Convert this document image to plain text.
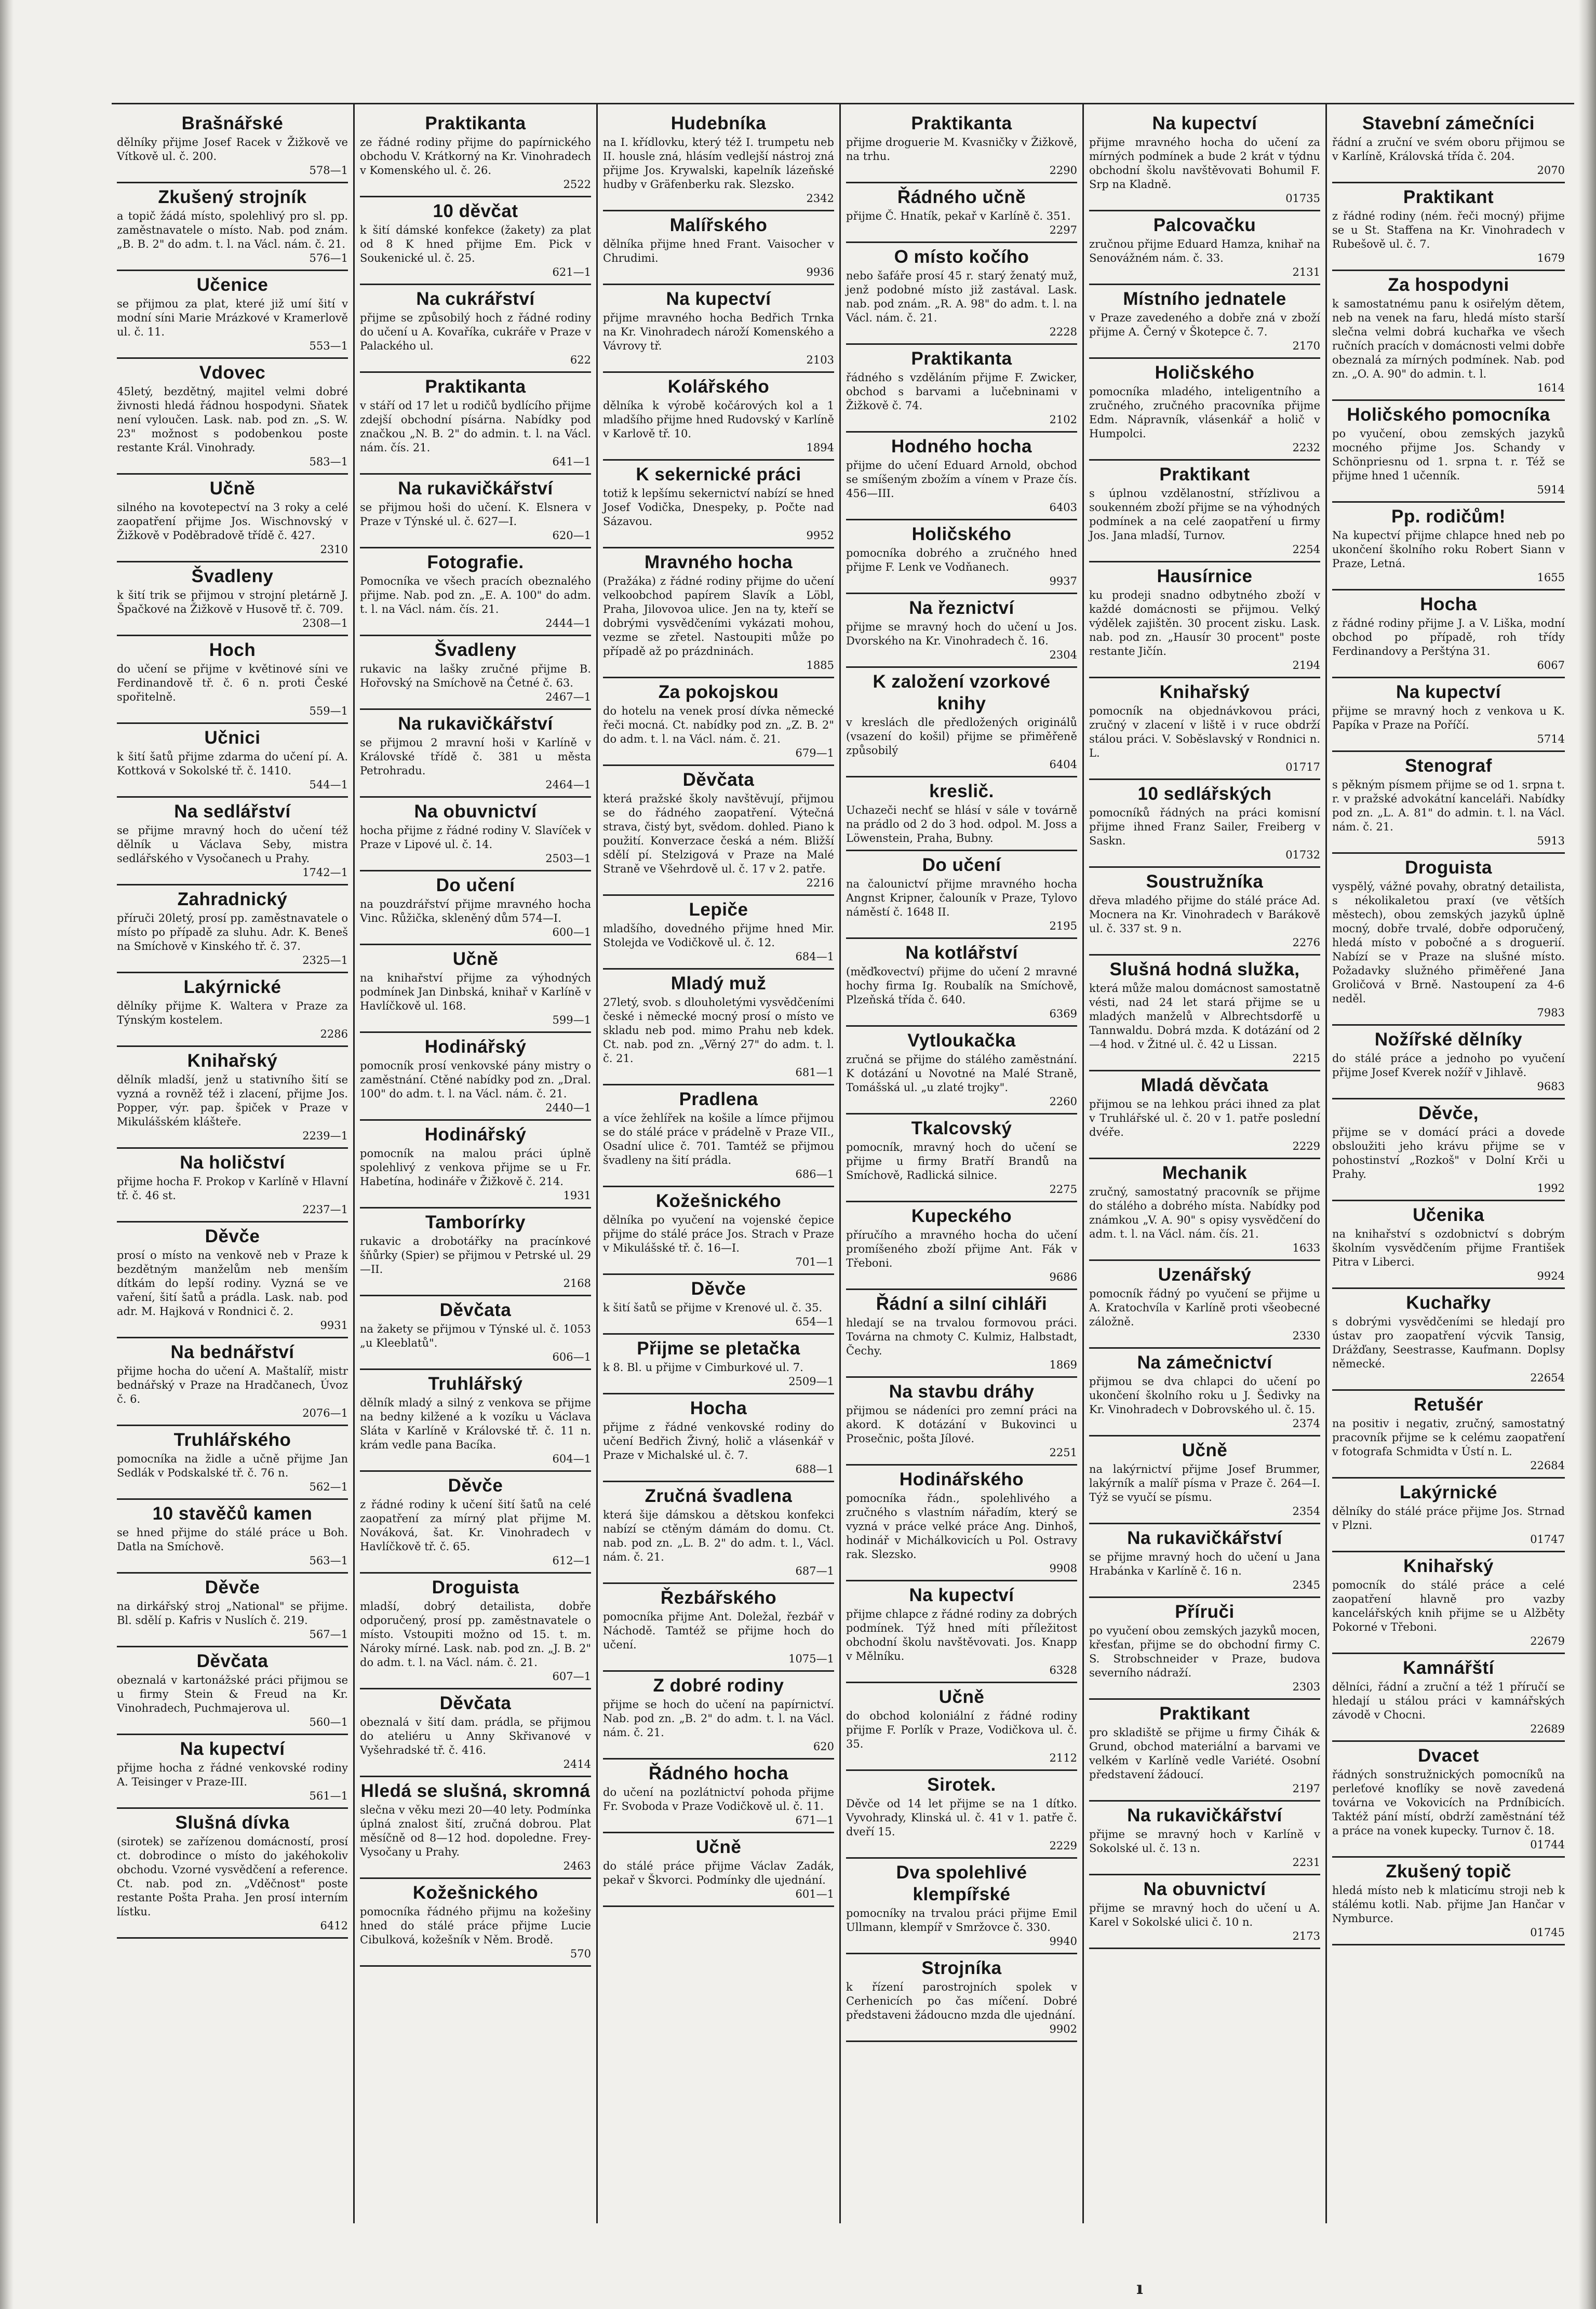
Brašnářské
dělníky přijme Josef Racek v Žižkově ve Vítkově ul. č. 200.
578—1
Zkušený strojník
a topič žádá místo, spolehlivý pro sl. pp. zaměstnavatele o místo. Nab. pod znám. „B. B. 2" do adm. t. l. na Václ. nám. č. 21.
576—1
Učenice
se přijmou za plat, které již umí šití v modní síni Marie Mrázkové v Kramerlově ul. č. 11.
553—1
Vdovec
45letý, bezdětný, majitel velmi dobré živnosti hledá řádnou hospodyni. Sňatek není vyloučen. Lask. nab. pod zn. „S. W. 23" možnost s podobenkou poste restante Král. Vinohrady.
583—1
Učně
silného na kovotepectví na 3 roky a celé zaopatření přijme Jos. Wischnovský v Žižkově v Poděbradově třídě č. 427.
2310
Švadleny
k šití trik se přijmou v strojní pletárně J. Špačkové na Žižkově v Husově tř. č. 709.
2308—1
Hoch
do učení se přijme v květinové síni ve Ferdinandově tř. č. 6 n. proti České spořitelně.
559—1
Učnici
k šití šatů přijme zdarma do učení pí. A. Kottková v Sokolské tř. č. 1410.
544—1
Na sedlářství
se přijme mravný hoch do učení též dělník u Václava Seby, mistra sedlářského v Vysočanech u Prahy.
1742—1
Zahradnický
příruči 20letý, prosí pp. zaměstnavatele o místo po případě za sluhu. Adr. K. Beneš na Smíchově v Kinského tř. č. 37.
2325—1
Lakýrnické
dělníky přijme K. Waltera v Praze za Týnským kostelem.
2286
Knihařský
dělník mladší, jenž u stativního šití se vyzná a rovněž též i zlacení, přijme Jos. Popper, výr. pap. špiček v Praze v Mikulášském klášteře.
2239—1
Na holičství
přijme hocha F. Prokop v Karlíně v Hlavní tř. č. 46 st.
2237—1
Děvče
prosí o místo na venkově neb v Praze k bezdětným manželům neb menším dítkám do lepší rodiny. Vyzná se ve vaření, šití šatů a prádla. Lask. nab. pod adr. M. Hajková v Rondnici č. 2.
9931
Na bednářství
přijme hocha do učení A. Maštalíř, mistr bednářský v Praze na Hradčanech, Úvoz č. 6.
2076—1
Truhlářského
pomocníka na židle a učně přijme Jan Sedlák v Podskalské tř. č. 76 n.
562—1
10 stavěčů kamen
se hned přijme do stálé práce u Boh. Datla na Smíchově.
563—1
Děvče
na dirkářský stroj „National" se přijme. Bl. sdělí p. Kafris v Nuslích č. 219.
567—1
Děvčata
obeznalá v kartonážské práci přijmou se u firmy Stein & Freud na Kr. Vinohradech, Puchmajerova ul.
560—1
Na kupectví
přijme hocha z řádné venkovské rodiny A. Teisinger v Praze-III.
561—1
Slušná dívka
(sirotek) se zařízenou domácností, prosí ct. dobrodince o místo do jakéhokoliv obchodu. Vzorné vysvědčení a reference. Ct. nab. pod zn. „Vděčnost" poste restante Pošta Praha. Jen prosí interním lístku.
6412
Praktikanta
ze řádné rodiny přijme do papírnického obchodu V. Krátkorný na Kr. Vinohradech v Komenského ul. č. 26.
2522
10 děvčat
k šití dámské konfekce (žakety) za plat od 8 K hned přijme Em. Pick v Soukenické ul. č. 25.
621—1
Na cukrářství
přijme se způsobilý hoch z řádné rodiny do učení u A. Kovaříka, cukráře v Praze v Palackého ul.
622
Praktikanta
v stáří od 17 let u rodičů bydlícího přijme zdejší obchodní písárna. Nabídky pod značkou „N. B. 2" do admin. t. l. na Václ. nám. čís. 21.
641—1
Na rukavičkářství
se přijmou hoši do učení. K. Elsnera v Praze v Týnské ul. č. 627—I.
620—1
Fotografie.
Pomocníka ve všech pracích obeznalého přijme. Nab. pod zn. „E. A. 100" do adm. t. l. na Václ. nám. čís. 21.
2444—1
Švadleny
rukavic na lašky zručné přijme B. Hořovský na Smíchově na Četné č. 63.
2467—1
Na rukavičkářství
se přijmou 2 mravní hoši v Karlíně v Královské třídě č. 381 u města Petrohradu.
2464—1
Na obuvnictví
hocha přijme z řádné rodiny V. Slavíček v Praze v Lipové ul. č. 14.
2503—1
Do učení
na pouzdrářství přijme mravného hocha Vinc. Růžička, skleněný dům 574—I.
600—1
Učně
na knihařství přijme za výhodných podmínek Jan Dinbská, knihař v Karlíně v Havlíčkově ul. 168.
599—1
Hodinářský
pomocník prosí venkovské pány mistry o zaměstnání. Ctěné nabídky pod zn. „Dral. 100" do adm. t. l. na Václ. nám. č. 21.
2440—1
Hodinářský
pomocník na malou práci úplně spolehlivý z venkova přijme se u Fr. Habetína, hodináře v Žižkově č. 214.
1931
Tamborírky
rukavic a drobotářky na pracínkové šňůrky (Spier) se přijmou v Petrské ul. 29—II.
2168
Děvčata
na žakety se přijmou v Týnské ul. č. 1053 „u Kleeblatů".
606—1
Truhlářský
dělník mladý a silný z venkova se přijme na bedny kilžené a k vozíku u Václava Sláta v Karlíně v Královské tř. č. 11 n. krám vedle pana Bacíka.
604—1
Děvče
z řádné rodiny k učení šití šatů na celé zaopatření za mírný plat přijme M. Nováková, šat. Kr. Vinohradech v Havlíčkově tř. č. 65.
612—1
Droguista
mladší, dobrý detailista, dobře odporučený, prosí pp. zaměstnavatele o místo. Vstoupiti možno od 15. t. m. Nároky mírné. Lask. nab. pod zn. „J. B. 2" do adm. t. l. na Václ. nám. č. 21.
607—1
Děvčata
obeznalá v šití dam. prádla, se přijmou do ateliéru u Anny Skřivanové v Vyšehradské tř. č. 416.
2414
Hledá se slušná, skromná
slečna v věku mezi 20—40 lety. Podmínka úplná znalost šití, zručná dobrou. Plat měsíčně od 8—12 hod. dopoledne. Frey-Vysočany u Prahy.
2463
Kožešnického
pomocníka řádného přijmu na kožešiny hned do stálé práce přijme Lucie Cibulková, kožešník v Něm. Brodě.
570
Hudebníka
na I. křídlovku, který též I. trumpetu neb II. housle zná, hlásím vedlejší nástroj zná přijme Jos. Krywalski, kapelník lázeňské hudby v Gräfenberku rak. Slezsko.
2342
Malířského
dělníka přijme hned Frant. Vaisocher v Chrudimi.
9936
Na kupectví
přijme mravného hocha Bedřich Trnka na Kr. Vinohradech nároží Komenského a Vávrovy tř.
2103
Kolářského
dělníka k výrobě kočárových kol a 1 mladšího přijme hned Rudovský v Karlíně v Karlově tř. 10.
1894
K sekernické práci
totiž k lepšímu sekernictví nabízí se hned Josef Vodička, Dnespeky, p. Počte nad Sázavou.
9952
Mravného hocha
(Pražáka) z řádné rodiny přijme do učení velkoobchod papírem Slavík a Löbl, Praha, Jilovovoa ulice. Jen na ty, kteří se dobrými vysvědčeními vykázati mohou, vezme se zřetel. Nastoupiti může po případě až po prázdninách.
1885
Za pokojskou
do hotelu na venek prosí dívka německé řeči mocná. Ct. nabídky pod zn. „Z. B. 2" do adm. t. l. na Václ. nám. č. 21.
679—1
Děvčata
která pražské školy navštěvují, přijmou se do řádného zaopatření. Výtečná strava, čistý byt, svědom. dohled. Piano k použití. Konverzace česká a ném. Bližší sdělí pí. Stelzigová v Praze na Malé Straně ve Všehrdově ul. č. 17 v 2. patře.
2216
Lepiče
mladšího, dovedného přijme hned Mir. Stolejda ve Vodičkově ul. č. 12.
684—1
Mladý muž
27letý, svob. s dlouholetými vysvědčeními české i německé mocný prosí o místo ve skladu neb pod. mimo Prahu neb kdek. Ct. nab. pod zn. „Věrný 27" do adm. t. l. č. 21.
681—1
Pradlena
a více žehlířek na košile a límce přijmou se do stálé práce v prádelně v Praze VII., Osadní ulice č. 701. Tamtéž se přijmou švadleny na šití prádla.
686—1
Kožešnického
dělníka po vyučení na vojenské čepice přijme do stálé práce Jos. Strach v Praze v Mikulášské tř. č. 16—I.
701—1
Děvče
k šití šatů se přijme v Krenové ul. č. 35.
654—1
Přijme se pletačka
k 8. Bl. u přijme v Cimburkové ul. 7.
2509—1
Hocha
přijme z řádné venkovské rodiny do učení Bedřich Živný, holič a vlásenkář v Praze v Michalské ul. č. 7.
688—1
Zručná švadlena
která šije dámskou a dětskou konfekci nabízí se ctěným dámám do domu. Ct. nab. pod zn. „L. B. 2" do adm. t. l., Václ. nám. č. 21.
687—1
Řezbářského
pomocníka přijme Ant. Doležal, řezbář v Náchodě. Tamtéž se přijme hoch do učení.
1075—1
Z dobré rodiny
přijme se hoch do učení na papírnictví. Nab. pod zn. „B. 2" do adm. t. l. na Václ. nám. č. 21.
620
Řádného hocha
do učení na pozlátnictví pohoda přijme Fr. Svoboda v Praze Vodičkově ul. č. 11.
671—1
Učně
do stálé práce přijme Václav Zadák, pekař v Škvorci. Podmínky dle ujednání.
601—1
Praktikanta
přijme droguerie M. Kvasničky v Žižkově, na trhu.
2290
Řádného učně
přijme Č. Hnatík, pekař v Karlíně č. 351.
2297
O místo kočího
nebo šafáře prosí 45 r. starý ženatý muž, jenž podobné místo již zastával. Lask. nab. pod znám. „R. A. 98" do adm. t. l. na Václ. nám. č. 21.
2228
Praktikanta
řádného s vzděláním přijme F. Zwicker, obchod s barvami a lučebninami v Žižkově č. 74.
2102
Hodného hocha
přijme do učení Eduard Arnold, obchod se smíšeným zbožím a vínem v Praze čís. 456—III.
6403
Holičského
pomocníka dobrého a zručného hned přijme F. Lenk ve Vodňanech.
9937
Na řeznictví
přijme se mravný hoch do učení u Jos. Dvorského na Kr. Vinohradech č. 16.
2304
K založení vzorkové knihy
v kreslách dle předložených originálů (vsazení do košil) přijme se přiměřeně způsobilý
6404
kreslič.
Uchazeči nechť se hlásí v sále v továrně na prádlo od 2 do 3 hod. odpol. M. Joss a Löwenstein, Praha, Bubny.
Do učení
na čalounictví přijme mravného hocha Angnst Kripner, čalouník v Praze, Tylovo náměstí č. 1648 II.
2195
Na kotlářství
(měďkovectví) přijme do učení 2 mravné hochy firma Ig. Roubalík na Smíchově, Plzeňská třída č. 640.
6369
Vytloukačka
zručná se přijme do stálého zaměstnání. K dotázání u Novotné na Malé Straně, Tomášská ul. „u zlaté trojky".
2260
Tkalcovský
pomocník, mravný hoch do učení se přijme u firmy Bratří Brandů na Smíchově, Radlická silnice.
2275
Kupeckého
příručího a mravného hocha do učení promíšeného zboží přijme Ant. Fák v Třeboni.
9686
Řádní a silní cihláři
hledají se na trvalou formovou práci. Továrna na chmoty C. Kulmiz, Halbstadt, Čechy.
1869
Na stavbu dráhy
přijmou se nádeníci pro zemní práci na akord. K dotázání v Bukovinci u Prosečnic, pošta Jílové.
2251
Hodinářského
pomocníka řádn., spolehlivého a zručného s vlastním nářadím, který se vyzná v práce velké práce Ang. Dinhoš, hodinář v Michálkovicích u Pol. Ostravy rak. Slezsko.
9908
Na kupectví
přijme chlapce z řádné rodiny za dobrých podmínek. Týž hned míti příležitost obchodní školu navštěvovati. Jos. Knapp v Mělníku.
6328
Učně
do obchod koloniální z řádné rodiny přijme F. Porlík v Praze, Vodičkova ul. č. 35.
2112
Sirotek.
Děvče od 14 let přijme se na 1 dítko. Vyvohrady, Klinská ul. č. 41 v 1. patře č. dveří 15.
2229
Dva spolehlivé klempířské
pomocníky na trvalou práci přijme Emil Ullmann, klempíř v Smržovce č. 330.
9940
Strojníka
k řízení parostrojních spolek v Cerhenicích po čas míčení. Dobré představeni žádoucno mzda dle ujednání.
9902
Na kupectví
přijme mravného hocha do učení za mírných podmínek a bude 2 krát v týdnu obchodní školu navštěvovati Bohumil F. Srp na Kladně.
01735
Palcovačku
zručnou přijme Eduard Hamza, knihař na Senovážném nám. č. 33.
2131
Místního jednatele
v Praze zavedeného a dobře zná v zboží přijme A. Černý v Škotepce č. 7.
2170
Holičského
pomocníka mladého, inteligentního a zručného, zručného pracovníka přijme Edm. Nápravník, vlásenkář a holič v Humpolci.
2232
Praktikant
s úplnou vzdělanostní, střízlivou a soukenném zboží přijme se na výhodných podmínek a na celé zaopatření u firmy Jos. Jana mladší, Turnov.
2254
Hausírnice
ku prodeji snadno odbytného zboží v každé domácnosti se přijmou. Velký výdělek zajištěn. 30 procent zisku. Lask. nab. pod zn. „Hausír 30 procent" poste restante Jičín.
2194
Knihařský
pomocník na objednávkovou práci, zručný v zlacení v liště i v ruce obdrží stálou práci. V. Soběslavský v Rondnici n. L.
01717
10 sedlářských
pomocníků řádných na práci komisní přijme ihned Franz Sailer, Freiberg v Saskn.
01732
Soustružníka
dřeva mladého přijme do stálé práce Ad. Mocnera na Kr. Vinohradech v Barákově ul. č. 337 st. 9 n.
2276
Slušná hodná služka,
která může malou domácnost samostatně vésti, nad 24 let stará přijme se u mladých manželů v Albrechtsdorfě u Tannwaldu. Dobrá mzda. K dotázání od 2—4 hod. v Žitné ul. č. 42 u Lissan.
2215
Mladá děvčata
přijmou se na lehkou práci ihned za plat v Truhlářské ul. č. 20 v 1. patře poslední dvéře.
2229
Mechanik
zručný, samostatný pracovník se přijme do stálého a dobrého místa. Nabídky pod známkou „V. A. 90" s opisy vysvědčení do adm. t. l. na Václ. nám. čís. 21.
1633
Uzenářský
pomocník řádný po vyučení se přijme u A. Kratochvíla v Karlíně proti všeobecné záložně.
2330
Na zámečnictví
přijmou se dva chlapci do učení po ukončení školního roku u J. Šedivky na Kr. Vinohradech v Dobrovského ul. č. 15.
2374
Učně
na lakýrnictví přijme Josef Brummer, lakýrník a malíř písma v Praze č. 264—I. Týž se vyučí se písmu.
2354
Na rukavičkářství
se přijme mravný hoch do učení u Jana Hrabánka v Karlíně č. 16 n.
2345
Příruči
po vyučení obou zemských jazyků mocen, křesťan, přijme se do obchodní firmy C. S. Strobschneider v Praze, budova severního nádraží.
2303
Praktikant
pro skladiště se přijme u firmy Čihák & Grund, obchod materiální a barvami ve velkém v Karlíně vedle Variété. Osobní představení žádoucí.
2197
Na rukavičkářství
přijme se mravný hoch v Karlíně v Sokolské ul. č. 13 n.
2231
Na obuvnictví
přijme se mravný hoch do učení u A. Karel v Sokolské ulici č. 10 n.
2173
Stavební zámečníci
řádní a zruční ve svém oboru přijmou se v Karlíně, Královská třída č. 204.
2070
Praktikant
z řádné rodiny (ném. řeči mocný) přijme se u St. Staffena na Kr. Vinohradech v Rubešově ul. č. 7.
1679
Za hospodyni
k samostatnému panu k osiřelým dětem, neb na venek na faru, hledá místo starší slečna velmi dobrá kuchařka ve všech ručních pracích v domácnosti velmi dobře obeznalá za mírných podmínek. Nab. pod zn. „O. A. 90" do admin. t. l.
1614
Holičského pomocníka
po vyučení, obou zemských jazyků mocného přijme Jos. Schandy v Schönpriesnu od 1. srpna t. r. Též se přijme hned 1 učenník.
5914
Pp. rodičům!
Na kupectví přijme chlapce hned neb po ukončení školního roku Robert Siann v Praze, Letná.
1655
Hocha
z řádné rodiny přijme J. a V. Liška, modní obchod po případě, roh třídy Ferdinandovy a Perštýna 31.
6067
Na kupectví
přijme se mravný hoch z venkova u K. Papíka v Praze na Poříčí.
5714
Stenograf
s pěkným písmem přijme se od 1. srpna t. r. v pražské advokátní kanceláři. Nabídky pod zn. „L. A. 81" do admin. t. l. na Václ. nám. č. 21.
5913
Droguista
vyspělý, vážné povahy, obratný detailista, s nékolikaletou praxí (ve větších městech), obou zemských jazyků úplně mocný, dobře trvalé, dobře odporučený, hledá místo v pobočné a s droguerií. Nabízí se v Praze na slušné místo. Požadavky služného přiměřené Jana Groličová v Brně. Nastoupení za 4-6 neděl.
7983
Nožířské dělníky
do stálé práce a jednoho po vyučení přijme Josef Kverek nožíř v Jihlavě.
9683
Děvče,
přijme se v domácí práci a dovede obsloužiti jeho krávu přijme se v pohostinství „Rozkoš" v Dolní Krči u Prahy.
1992
Učenika
na knihařství s ozdobnictví s dobrým školním vysvědčením přijme František Pitra v Liberci.
9924
Kuchařky
s dobrými vysvědčeními se hledají pro ústav pro zaopatření výcvik Tansig, Drážďany, Seestrasse, Kaufmann. Doplsy německé.
22654
Retušér
na positiv i negativ, zručný, samostatný pracovník přijme se k celému zaopatření v fotografa Schmidta v Ústí n. L.
22684
Lakýrnické
dělníky do stálé práce přijme Jos. Strnad v Plzni.
01747
Knihařský
pomocník do stálé práce a celé zaopatření hlavně pro vazby kancelářských knih přijme se u Alžběty Pokorné v Třeboni.
22679
Kamnářští
dělníci, řádní a zruční a též 1 příručí se hledají u stálou práci v kamnářských závodě v Chocni.
22689
Dvacet
řádných sonstružnických pomocníků na perleťové knoflíky se nově zavedená továrna ve Vokovicích na Prdníbicích. Taktéž pání místí, obdrží zaměstnání též a práce na vonek kupecky. Turnov č. 18.
01744
Zkušený topič
hledá místo neb k mlaticímu stroji neb k stálému kotli. Nab. přijme Jan Hančar v Nymburce.
01745
ı
